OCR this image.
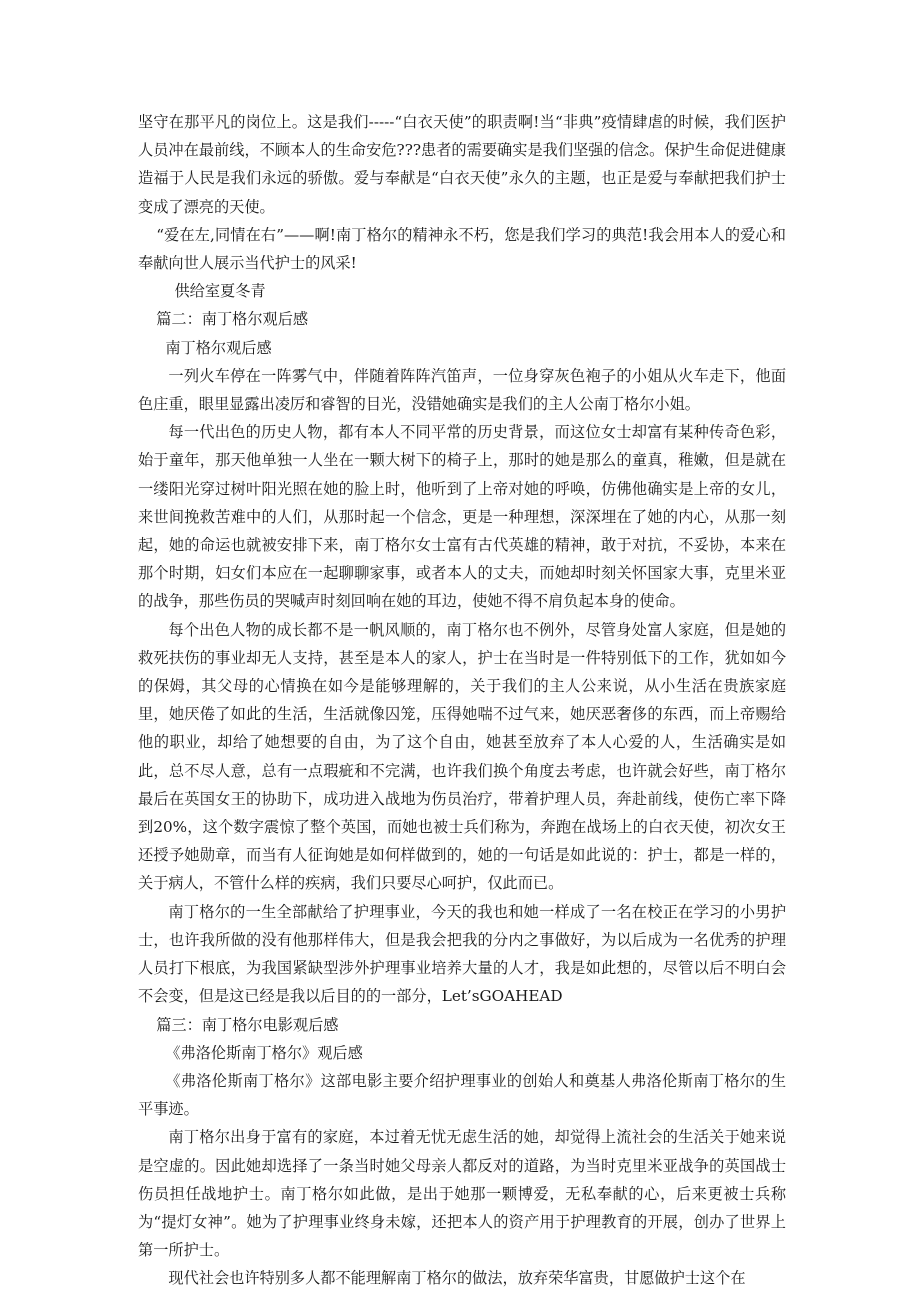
坚守在那平凡的岗位上。这是我们-----“白衣天使”的职责啊!当“非典”疫情肆虐的时候，我们医护人员冲在最前线，不顾本人的生命安危???患者的需要确实是我们坚强的信念。保护生命促进健康造福于人民是我们永远的骄傲。爱与奉献是“白衣天使”永久的主题，也正是爱与奉献把我们护士变成了漂亮的天使。

“爱在左,同情在右”——啊!南丁格尔的精神永不朽，您是我们学习的典范!我会用本人的爱心和奉献向世人展示当代护士的风采!

供给室夏冬青

篇二：南丁格尔观后感

南丁格尔观后感

一列火车停在一阵雾气中，伴随着阵阵汽笛声，一位身穿灰色袍子的小姐从火车走下，他面色庄重，眼里显露出凌厉和睿智的目光，没错她确实是我们的主人公南丁格尔小姐。

每一代出色的历史人物，都有本人不同平常的历史背景，而这位女士却富有某种传奇色彩，始于童年，那天他单独一人坐在一颗大树下的椅子上，那时的她是那么的童真，稚嫩，但是就在一缕阳光穿过树叶阳光照在她的脸上时，他听到了上帝对她的呼唤，仿佛他确实是上帝的女儿，来世间挽救苦难中的人们，从那时起一个信念，更是一种理想，深深埋在了她的内心，从那一刻起，她的命运也就被安排下来，南丁格尔女士富有古代英雄的精神，敢于对抗，不妥协，本来在那个时期，妇女们本应在一起聊聊家事，或者本人的丈夫，而她却时刻关怀国家大事，克里米亚的战争，那些伤员的哭喊声时刻回响在她的耳边，使她不得不肩负起本身的使命。

每个出色人物的成长都不是一帆风顺的，南丁格尔也不例外，尽管身处富人家庭，但是她的救死扶伤的事业却无人支持，甚至是本人的家人，护士在当时是一件特别低下的工作，犹如如今的保姆，其父母的心情换在如今是能够理解的，关于我们的主人公来说，从小生活在贵族家庭里，她厌倦了如此的生活，生活就像囚笼，压得她喘不过气来，她厌恶奢侈的东西，而上帝赐给他的职业，却给了她想要的自由，为了这个自由，她甚至放弃了本人心爱的人，生活确实是如此，总不尽人意，总有一点瑕疵和不完满，也许我们换个角度去考虑，也许就会好些，南丁格尔最后在英国女王的协助下，成功进入战地为伤员治疗，带着护理人员，奔赴前线，使伤亡率下降到20%，这个数字震惊了整个英国，而她也被士兵们称为，奔跑在战场上的白衣天使，初次女王还授予她勋章，而当有人征询她是如何样做到的，她的一句话是如此说的：护士，都是一样的，关于病人，不管什么样的疾病，我们只要尽心呵护，仅此而已。

南丁格尔的一生全部献给了护理事业，今天的我也和她一样成了一名在校正在学习的小男护士，也许我所做的没有他那样伟大，但是我会把我的分内之事做好，为以后成为一名优秀的护理人员打下根底，为我国紧缺型涉外护理事业培养大量的人才，我是如此想的，尽管以后不明白会不会变，但是这已经是我以后目的的一部分，Let’sGOAHEAD

篇三：南丁格尔电影观后感

《弗洛伦斯南丁格尔》观后感

《弗洛伦斯南丁格尔》这部电影主要介绍护理事业的创始人和奠基人弗洛伦斯南丁格尔的生平事迹。

南丁格尔出身于富有的家庭，本过着无忧无虑生活的她，却觉得上流社会的生活关于她来说是空虚的。因此她却选择了一条当时她父母亲人都反对的道路，为当时克里米亚战争的英国战士伤员担任战地护士。南丁格尔如此做，是出于她那一颗博爱，无私奉献的心，后来更被士兵称为“提灯女神”。她为了护理事业终身未嫁，还把本人的资产用于护理教育的开展，创办了世界上第一所护士。

现代社会也许特别多人都不能理解南丁格尔的做法，放弃荣华富贵，甘愿做护士这个在
